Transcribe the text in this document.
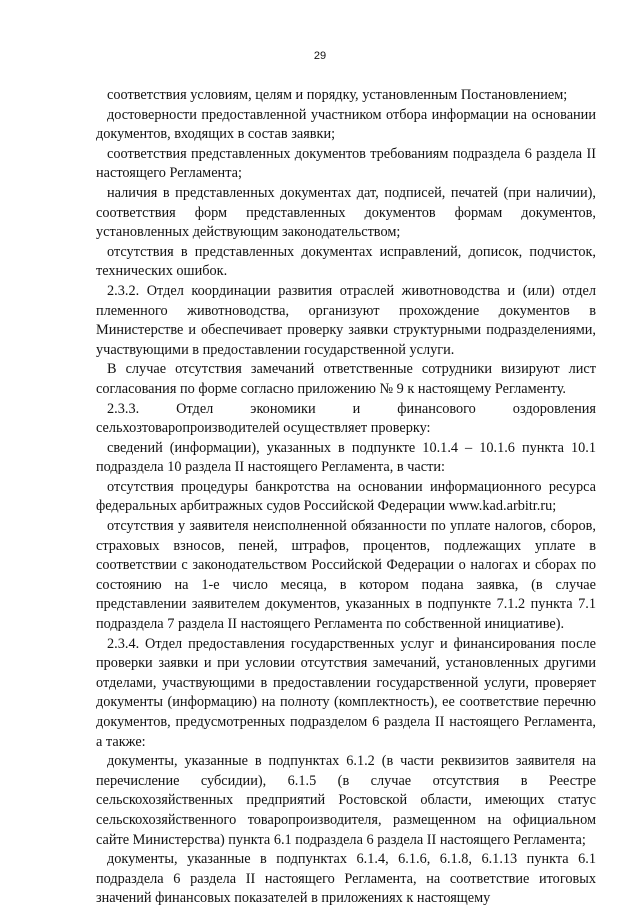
29

соответствия условиям, целям и порядку, установленным Постановлением;

достоверности предоставленной участником отбора информации на основании документов, входящих в состав заявки;

соответствия представленных документов требованиям подраздела 6 раздела II настоящего Регламента;

наличия в представленных документах дат, подписей, печатей (при наличии), соответствия форм представленных документов формам документов, установленных действующим законодательством;

отсутствия в представленных документах исправлений, дописок, подчисток, технических ошибок.

2.3.2. Отдел координации развития отраслей животноводства и (или) отдел племенного животноводства, организуют прохождение документов в Министерстве и обеспечивает проверку заявки структурными подразделениями, участвующими в предоставлении государственной услуги.

В случае отсутствия замечаний ответственные сотрудники визируют лист согласования по форме согласно приложению № 9 к настоящему Регламенту.

2.3.3. Отдел экономики и финансового оздоровления сельхозтоваропроизводителей осуществляет проверку:

сведений (информации), указанных в подпункте 10.1.4 – 10.1.6 пункта 10.1 подраздела 10 раздела II настоящего Регламента, в части:

отсутствия процедуры банкротства на основании информационного ресурса федеральных арбитражных судов Российской Федерации www.kad.arbitr.ru;

отсутствия у заявителя неисполненной обязанности по уплате налогов, сборов, страховых взносов, пеней, штрафов, процентов, подлежащих уплате в соответствии с законодательством Российской Федерации о налогах и сборах по состоянию на 1-е число месяца, в котором подана заявка, (в случае представлении заявителем документов, указанных в подпункте 7.1.2 пункта 7.1 подраздела 7 раздела II настоящего Регламента по собственной инициативе).

2.3.4. Отдел предоставления государственных услуг и финансирования после проверки заявки и при условии отсутствия замечаний, установленных другими отделами, участвующими в предоставлении государственной услуги, проверяет документы (информацию) на полноту (комплектность), ее соответствие перечню документов, предусмотренных подразделом 6 раздела II настоящего Регламента, а также:

документы, указанные в подпунктах 6.1.2 (в части реквизитов заявителя на перечисление субсидии), 6.1.5 (в случае отсутствия в Реестре сельскохозяйственных предприятий Ростовской области, имеющих статус сельскохозяйственного товаропроизводителя, размещенном на официальном сайте Министерства) пункта 6.1 подраздела 6 раздела II настоящего Регламента;

документы, указанные в подпунктах 6.1.4, 6.1.6, 6.1.8, 6.1.13 пункта 6.1 подраздела 6 раздела II настоящего Регламента, на соответствие итоговых значений финансовых показателей в приложениях к настоящему
